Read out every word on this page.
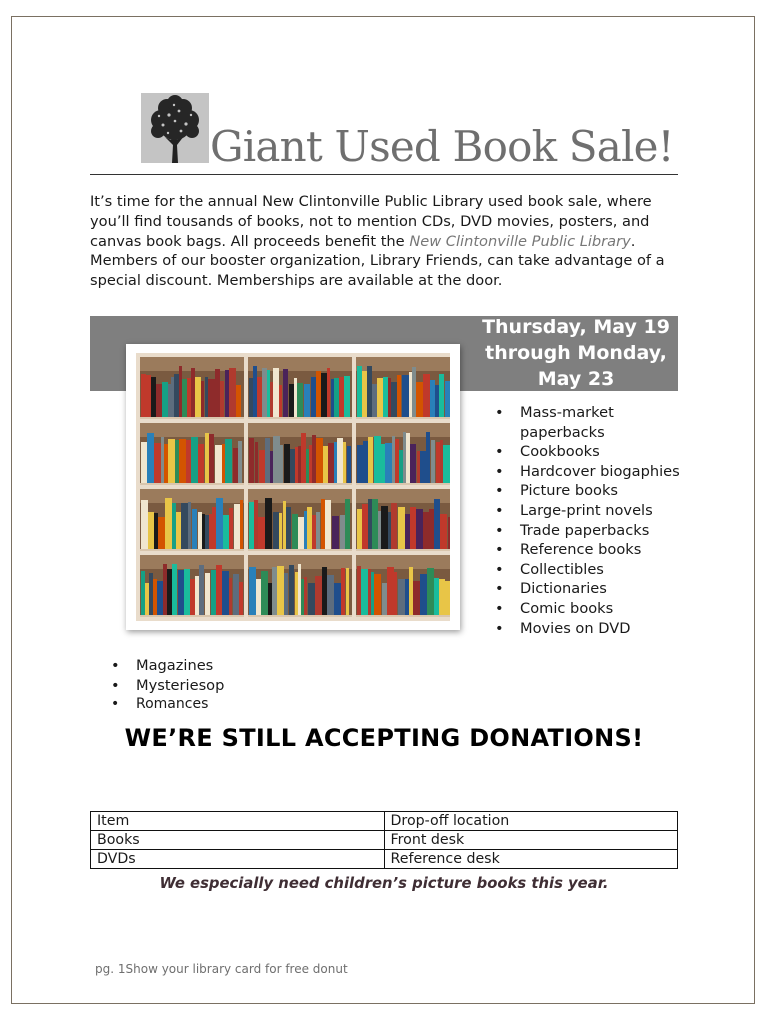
Giant Used Book Sale!
It’s time for the annual New Clintonville Public Library used book sale, where you’ll find tousands of books, not to mention CDs, DVD movies, posters, and canvas book bags. All proceeds benefit the New Clintonville Public Library. Members of our booster organization, Library Friends, can take advantage of a special discount. Memberships are available at the door.
Thursday, May 19
through Monday,
May 23
• Mass-market paperbacks
• Cookbooks
• Hardcover biogaphies
• Picture books
• Large-print novels
• Trade paperbacks
• Reference books
• Collectibles
• Dictionaries
• Comic books
• Movies on DVD
• Magazines
• Mysteriesop
• Romances
WE’RE STILL ACCEPTING DONATIONS!
Item	Drop-off location
Books	Front desk
DVDs	Reference desk
We especially need children’s picture books this year.
pg. 1Show your library card for free donut
